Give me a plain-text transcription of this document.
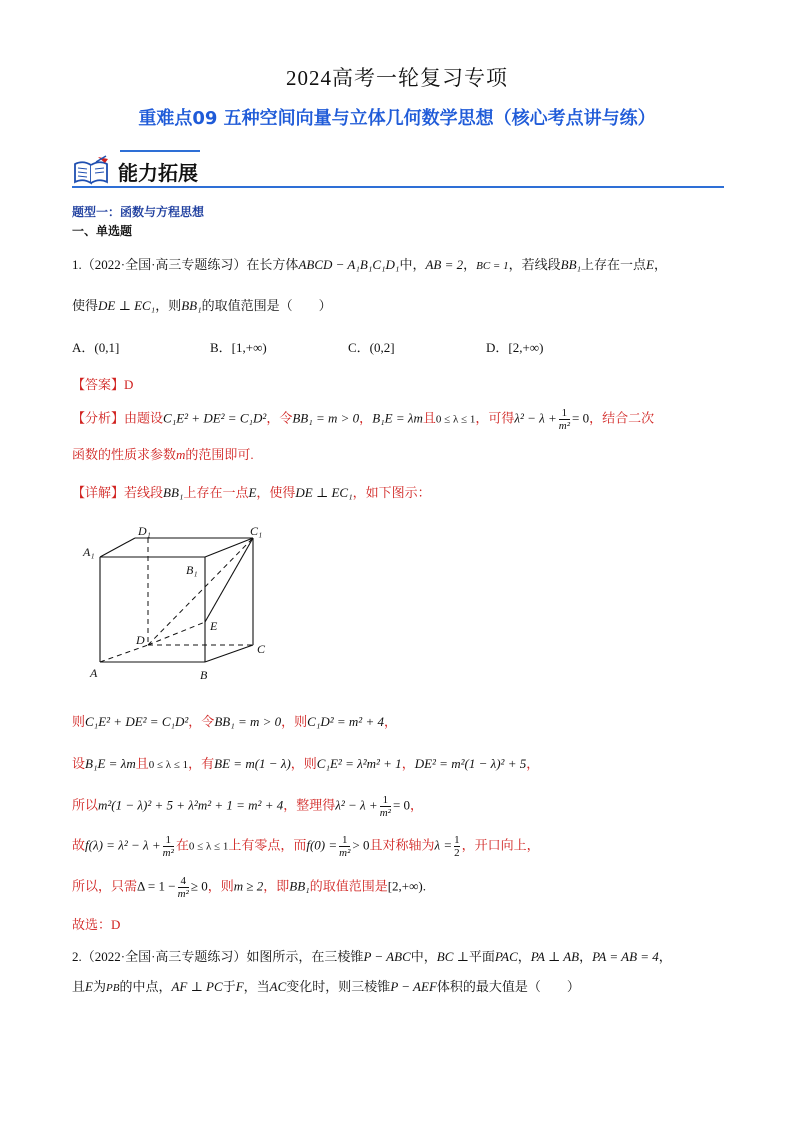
2024高考一轮复习专项
重难点09 五种空间向量与立体几何数学思想（核心考点讲与练）
能力拓展
题型一：函数与方程思想
一、单选题
1.（2022·全国·高三专题练习）在长方体ABCD − A₁B₁C₁D₁中，AB = 2，BC = 1，若线段BB₁上存在一点E，
使得DE ⊥ EC₁，则BB₁的取值范围是（　　）
A．(0,1]	B．[1,+∞)	C．(0,2]	D．[2,+∞)
【答案】D
【分析】由题设C₁E² + DE² = C₁D²，令BB₁ = m > 0，B₁E = λm且0 ≤ λ ≤ 1，可得$\lambda^2 - \lambda + \frac{1}{\text{m²}} = 0$，结合二次
函数的性质求参数m的范围即可.
【详解】若线段BB₁上存在一点E，使得DE ⊥ EC₁，如下图示：
D₁	C₁
A₁
B₁
E
D
C
A	B
则C₁E² + DE² = C₁D²，令BB₁ = m > 0，则C₁D² = m² + 4，
设B₁E = λm且0 ≤ λ ≤ 1，有BE = m(1 − λ)，则C₁E² = λ²m² + 1，DE² = m²(1 − λ)² + 5，
所以m²(1 − λ)² + 5 + λ²m² + 1 = m² + 4，整理得$\lambda^2 - \lambda + \frac{1}{\text{m²}} = 0$，
故$f(\lambda) = \lambda^2 - \lambda + \frac{1}{\text{m²}}$ 在0 ≤ λ ≤ 1上有零点，而$f(0) = \frac{1}{\text{m²}} > 0$且对称轴为$\lambda = \frac{1}{2}$ ，开口向上，
所以，只需$\Delta = 1 - \frac{4}{\text{m²}} \ge 0$，则m ≥ 2，即BB₁的取值范围是[2,+∞).
故选：D
2.（2022·全国·高三专题练习）如图所示，在三棱锥P − ABC中，BC ⊥平面PAC，PA ⊥ AB，PA = AB = 4，
且E为PB的中点，AF ⊥ PC于F，当AC变化时，则三棱锥P − AEF体积的最大值是（　　）
